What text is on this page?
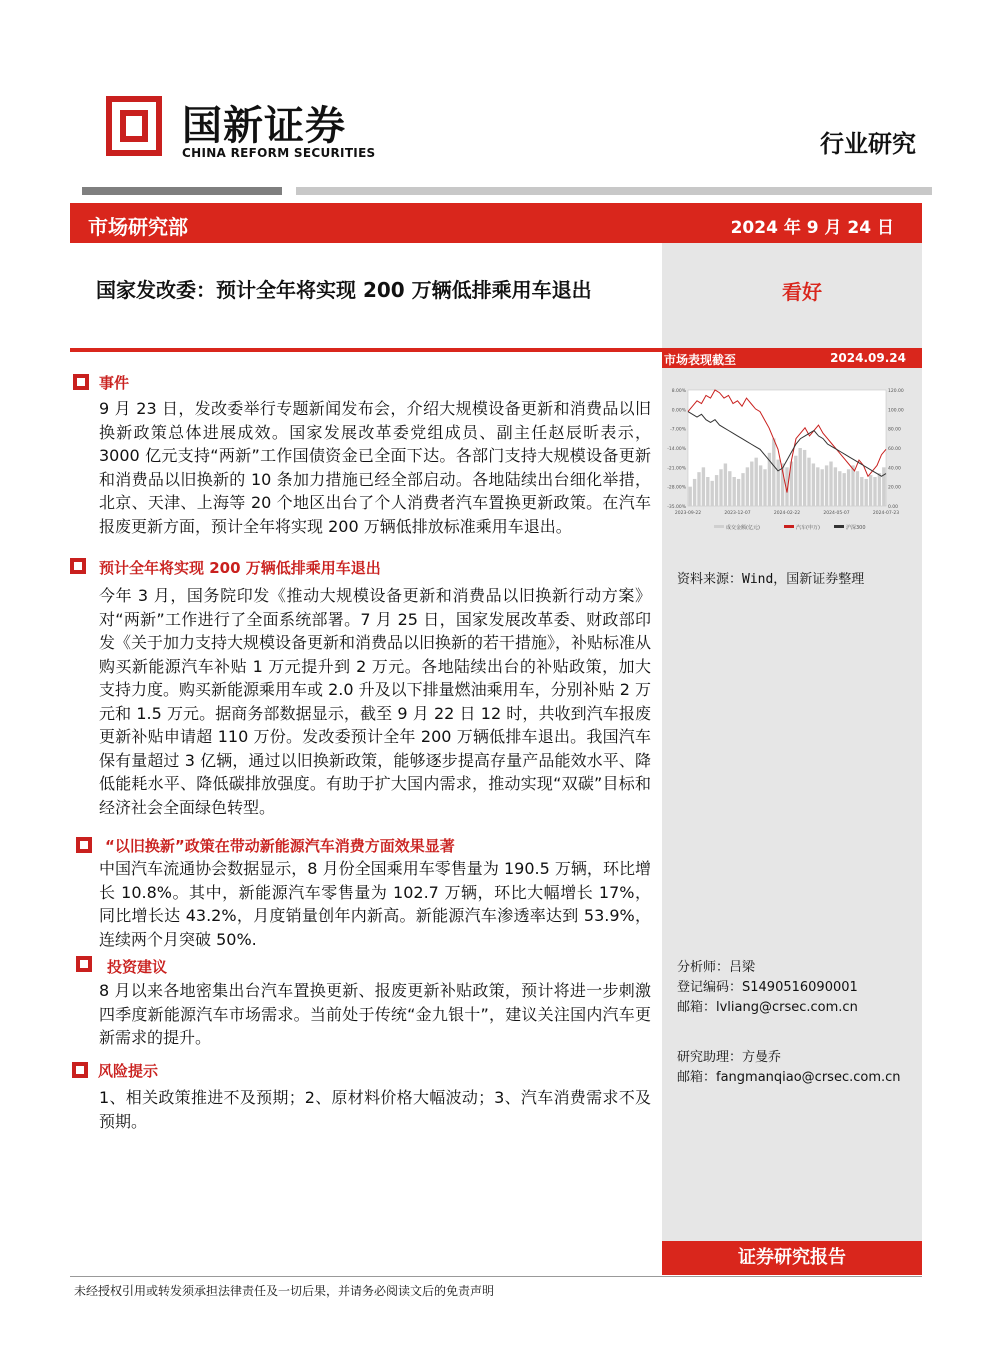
国新证券
CHINA REFORM SECURITIES	行业研究
市场研究部	2024 年 9 月 24 日
看好
市场表现截至	2024.09.24
8.00%
0.00%
-7.00%
-14.00%
-21.00%
-28.00%
-35.00%
120.00
100.00
80.00
60.00
40.00
20.00
0.00
2023-09-22	2023-12-07	2024-02-22	2024-05-07	2024-07-23
成交金额(亿元)	汽车(申万)	沪深300
资料来源：Wind，国新证券整理
分析师：吕梁
登记编码：S1490516090001
邮箱：lvliang@crsec.com.cn
研究助理：方曼乔
邮箱：fangmanqiao@crsec.com.cn
证券研究报告
国家发改委：预计全年将实现 200 万辆低排乘用车退出
事件
9 月 23 日，发改委举行专题新闻发布会，介绍大规模设备更新和消费品以旧换新政策总体进展成效。国家发展改革委党组成员、副主任赵辰昕表示，3000 亿元支持“两新”工作国债资金已全面下达。各部门支持大规模设备更新和消费品以旧换新的 10 条加力措施已经全部启动。各地陆续出台细化举措，北京、天津、上海等 20 个地区出台了个人消费者汽车置换更新政策。在汽车报废更新方面，预计全年将实现 200 万辆低排放标准乘用车退出。
预计全年将实现 200 万辆低排乘用车退出
今年 3 月，国务院印发《推动大规模设备更新和消费品以旧换新行动方案》对“两新”工作进行了全面系统部署。7 月 25 日，国家发展改革委、财政部印发《关于加力支持大规模设备更新和消费品以旧换新的若干措施》，补贴标准从购买新能源汽车补贴 1 万元提升到 2 万元。各地陆续出台的补贴政策，加大支持力度。购买新能源乘用车或 2.0 升及以下排量燃油乘用车，分别补贴 2 万元和 1.5 万元。据商务部数据显示，截至 9 月 22 日 12 时，共收到汽车报废更新补贴申请超 110 万份。发改委预计全年 200 万辆低排车退出。我国汽车保有量超过 3 亿辆，通过以旧换新政策，能够逐步提高存量产品能效水平、降低能耗水平、降低碳排放强度。有助于扩大国内需求，推动实现“双碳”目标和经济社会全面绿色转型。
“以旧换新”政策在带动新能源汽车消费方面效果显著
中国汽车流通协会数据显示，8 月份全国乘用车零售量为 190.5 万辆，环比增长 10.8%。其中，新能源汽车零售量为 102.7 万辆，环比大幅增长 17%，同比增长达 43.2%，月度销量创年内新高。新能源汽车渗透率达到 53.9%，连续两个月突破 50%.
投资建议
8 月以来各地密集出台汽车置换更新、报废更新补贴政策，预计将进一步刺激四季度新能源汽车市场需求。当前处于传统“金九银十”，建议关注国内汽车更新需求的提升。
风险提示
1、相关政策推进不及预期；2、原材料价格大幅波动；3、汽车消费需求不及预期。
未经授权引用或转发须承担法律责任及一切后果，并请务必阅读文后的免责声明
